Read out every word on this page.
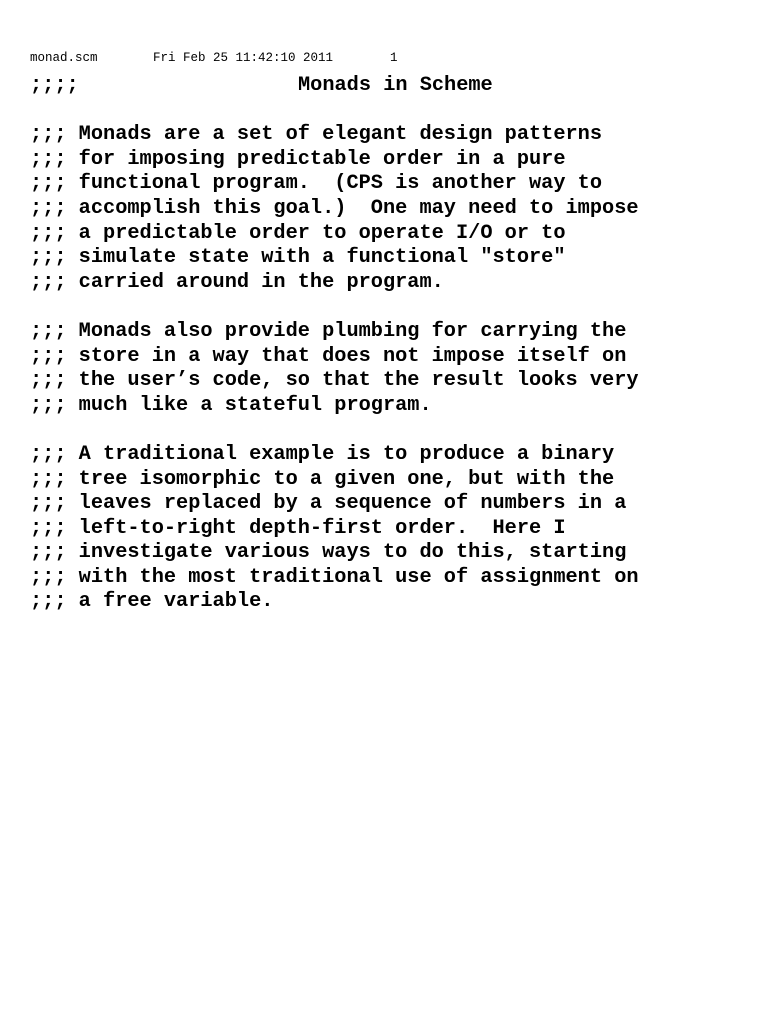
monad.scm

	Fri Feb 25 11:42:10 2011

	1

;;;;

	Monads in Scheme

;;; Monads are a set of elegant design patterns
;;; for imposing predictable order in a pure
;;; functional program.  (CPS is another way to
;;; accomplish this goal.)  One may need to impose
;;; a predictable order to operate I/O or to
;;; simulate state with a functional "store"
;;; carried around in the program.
;;; Monads also provide plumbing for carrying the
;;; store in a way that does not impose itself on
;;; the user’s code, so that the result looks very
;;; much like a stateful program.
;;; A traditional example is to produce a binary
;;; tree isomorphic to a given one, but with the
;;; leaves replaced by a sequence of numbers in a
;;; left-to-right depth-first order.  Here I
;;; investigate various ways to do this, starting
;;; with the most traditional use of assignment on
;;; a free variable.
